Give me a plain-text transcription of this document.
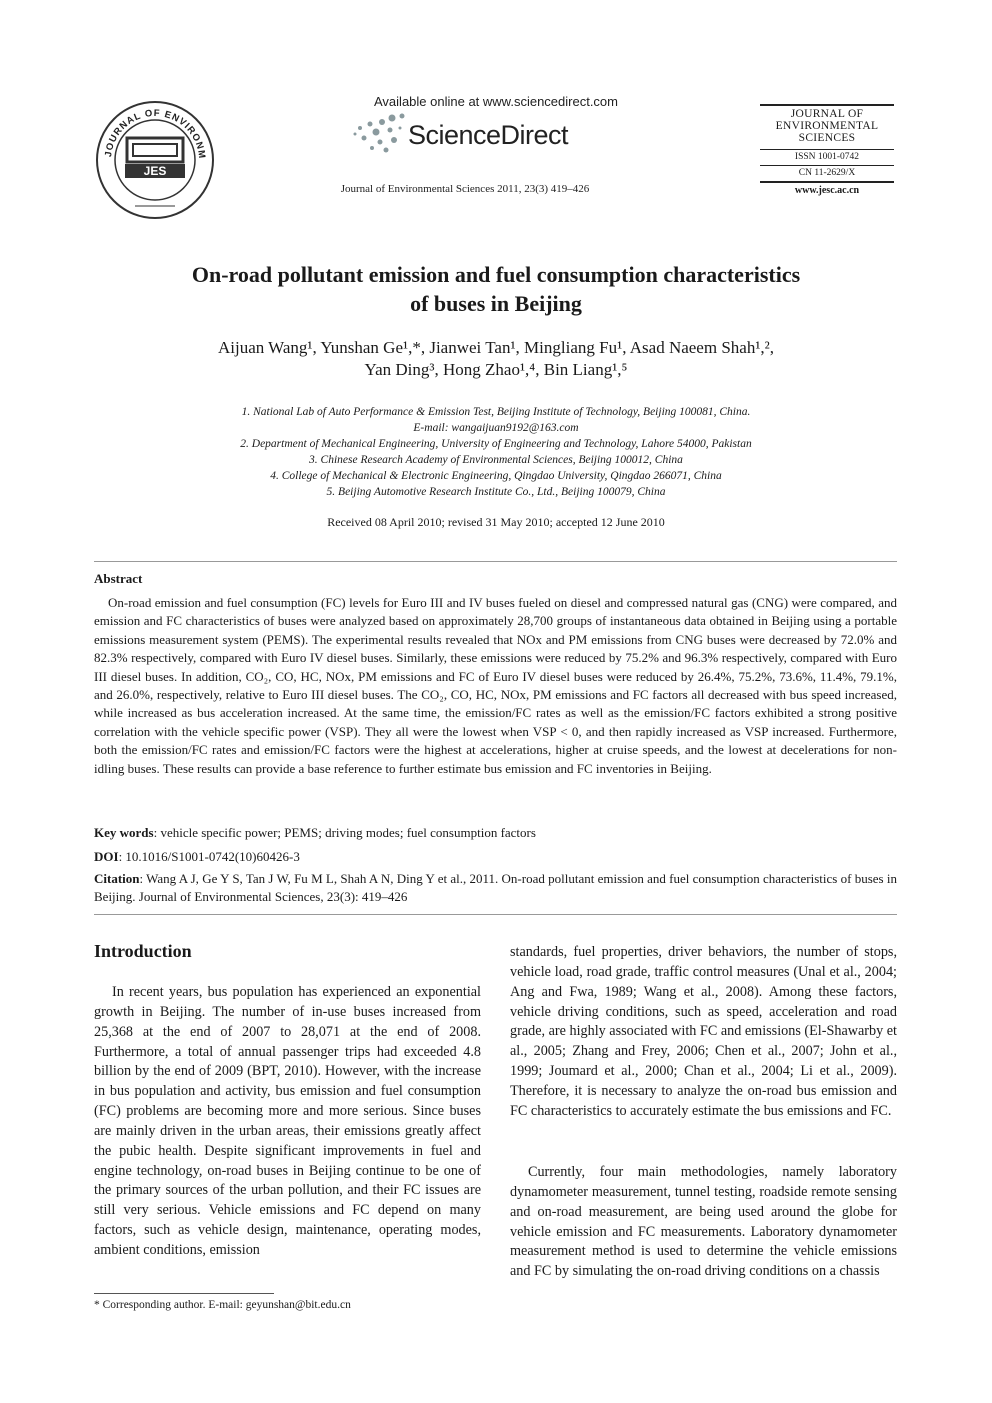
JOURNAL OF ENVIRONM
JES
Available online at www.sciencedirect.com
ScienceDirect
Journal of Environmental Sciences 2011, 23(3) 419–426
JOURNAL OF
ENVIRONMENTAL
SCIENCES
ISSN 1001-0742
CN 11-2629/X
www.jesc.ac.cn
On-road pollutant emission and fuel consumption characteristics
of buses in Beijing
Aijuan Wang¹, Yunshan Ge¹,*, Jianwei Tan¹, Mingliang Fu¹, Asad Naeem Shah¹,²,
Yan Ding³, Hong Zhao¹,⁴, Bin Liang¹,⁵
1. National Lab of Auto Performance & Emission Test, Beijing Institute of Technology, Beijing 100081, China.
E-mail: wangaijuan9192@163.com
2. Department of Mechanical Engineering, University of Engineering and Technology, Lahore 54000, Pakistan
3. Chinese Research Academy of Environmental Sciences, Beijing 100012, China
4. College of Mechanical & Electronic Engineering, Qingdao University, Qingdao 266071, China
5. Beijing Automotive Research Institute Co., Ltd., Beijing 100079, China
Received 08 April 2010; revised 31 May 2010; accepted 12 June 2010
Abstract
On-road emission and fuel consumption (FC) levels for Euro III and IV buses fueled on diesel and compressed natural gas (CNG) were compared, and emission and FC characteristics of buses were analyzed based on approximately 28,700 groups of instantaneous data obtained in Beijing using a portable emissions measurement system (PEMS). The experimental results revealed that NOx and PM emissions from CNG buses were decreased by 72.0% and 82.3% respectively, compared with Euro IV diesel buses. Similarly, these emissions were reduced by 75.2% and 96.3% respectively, compared with Euro III diesel buses. In addition, CO₂, CO, HC, NOx, PM emissions and FC of Euro IV diesel buses were reduced by 26.4%, 75.2%, 73.6%, 11.4%, 79.1%, and 26.0%, respectively, relative to Euro III diesel buses. The CO₂, CO, HC, NOx, PM emissions and FC factors all decreased with bus speed increased, while increased as bus acceleration increased. At the same time, the emission/FC rates as well as the emission/FC factors exhibited a strong positive correlation with the vehicle specific power (VSP). They all were the lowest when VSP < 0, and then rapidly increased as VSP increased. Furthermore, both the emission/FC rates and emission/FC factors were the highest at accelerations, higher at cruise speeds, and the lowest at decelerations for non-idling buses. These results can provide a base reference to further estimate bus emission and FC inventories in Beijing.
Key words: vehicle specific power; PEMS; driving modes; fuel consumption factors
DOI: 10.1016/S1001-0742(10)60426-3
Citation: Wang A J, Ge Y S, Tan J W, Fu M L, Shah A N, Ding Y et al., 2011. On-road pollutant emission and fuel consumption characteristics of buses in Beijing. Journal of Environmental Sciences, 23(3): 419–426
Introduction
In recent years, bus population has experienced an exponential growth in Beijing. The number of in-use buses increased from 25,368 at the end of 2007 to 28,071 at the end of 2008. Furthermore, a total of annual passenger trips had exceeded 4.8 billion by the end of 2009 (BPT, 2010). However, with the increase in bus population and activity, bus emission and fuel consumption (FC) problems are becoming more and more serious. Since buses are mainly driven in the urban areas, their emissions greatly affect the pubic health. Despite significant improvements in fuel and engine technology, on-road buses in Beijing continue to be one of the primary sources of the urban pollution, and their FC issues are still very serious. Vehicle emissions and FC depend on many factors, such as vehicle design, maintenance, operating modes, ambient conditions, emission
standards, fuel properties, driver behaviors, the number of stops, vehicle load, road grade, traffic control measures (Unal et al., 2004; Ang and Fwa, 1989; Wang et al., 2008). Among these factors, vehicle driving conditions, such as speed, acceleration and road grade, are highly associated with FC and emissions (El-Shawarby et al., 2005; Zhang and Frey, 2006; Chen et al., 2007; John et al., 1999; Joumard et al., 2000; Chan et al., 2004; Li et al., 2009). Therefore, it is necessary to analyze the on-road bus emission and FC characteristics to accurately estimate the bus emissions and FC.
Currently, four main methodologies, namely laboratory dynamometer measurement, tunnel testing, roadside remote sensing and on-road measurement, are being used around the globe for vehicle emission and FC measurements. Laboratory dynamometer measurement method is used to determine the vehicle emissions and FC by simulating the on-road driving conditions on a chassis
* Corresponding author. E-mail: geyunshan@bit.edu.cn
